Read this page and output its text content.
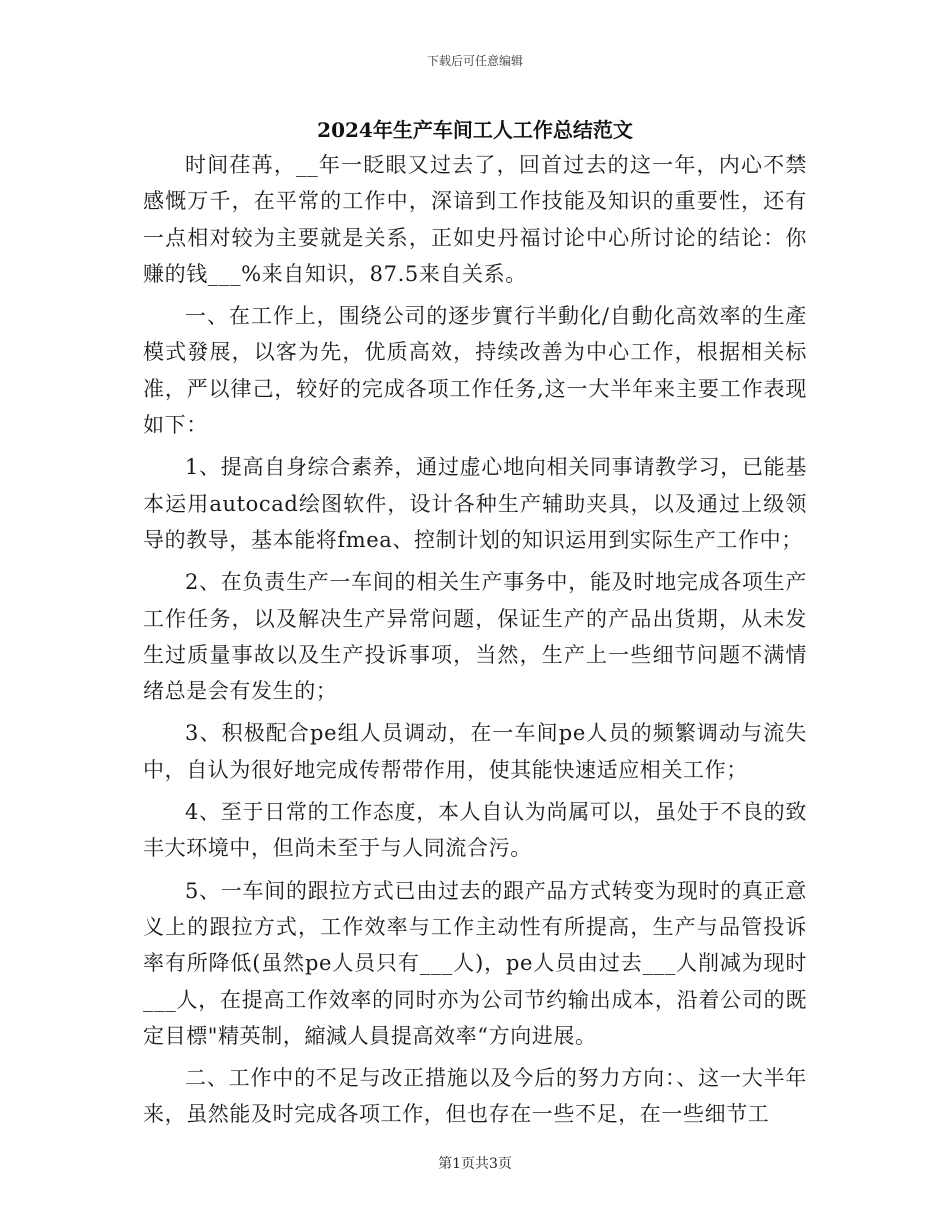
下载后可任意编辑
2024年生产车间工人工作总结范文

时间荏苒，__年一眨眼又过去了，回首过去的这一年，内心不禁感慨万千，在平常的工作中，深谙到工作技能及知识的重要性，还有一点相对较为主要就是关系，正如史丹福讨论中心所讨论的结论：你赚的钱___%来自知识，87.5来自关系。

一、在工作上，围绕公司的逐步實行半動化/自動化高效率的生產模式發展，以客为先，优质高效，持续改善为中心工作，根据相关标准，严以律己，较好的完成各项工作任务,这一大半年来主要工作表现如下：

1、提高自身综合素养，通过虚心地向相关同事请教学习，已能基本运用autocad绘图软件，设计各种生产辅助夹具，以及通过上级领导的教导，基本能将fmea、控制计划的知识运用到实际生产工作中；

2、在负责生产一车间的相关生产事务中，能及时地完成各项生产工作任务，以及解决生产异常问题，保证生产的产品出货期，从未发生过质量事故以及生产投诉事项，当然，生产上一些细节问题不满情绪总是会有发生的；

3、积极配合pe组人员调动，在一车间pe人员的频繁调动与流失中，自认为很好地完成传帮带作用，使其能快速适应相关工作；

4、至于日常的工作态度，本人自认为尚属可以，虽处于不良的致丰大环境中，但尚未至于与人同流合污。

5、一车间的跟拉方式已由过去的跟产品方式转变为现时的真正意义上的跟拉方式，工作效率与工作主动性有所提高，生产与品管投诉率有所降低(虽然pe人员只有___人)，pe人员由过去___人削减为现时___人，在提高工作效率的同时亦为公司节约输出成本，沿着公司的既定目標"精英制，縮減人員提高效率“方向进展。

二、工作中的不足与改正措施以及今后的努力方向：、这一大半年来，虽然能及时完成各项工作，但也存在一些不足，在一些细节工

第1页共3页
